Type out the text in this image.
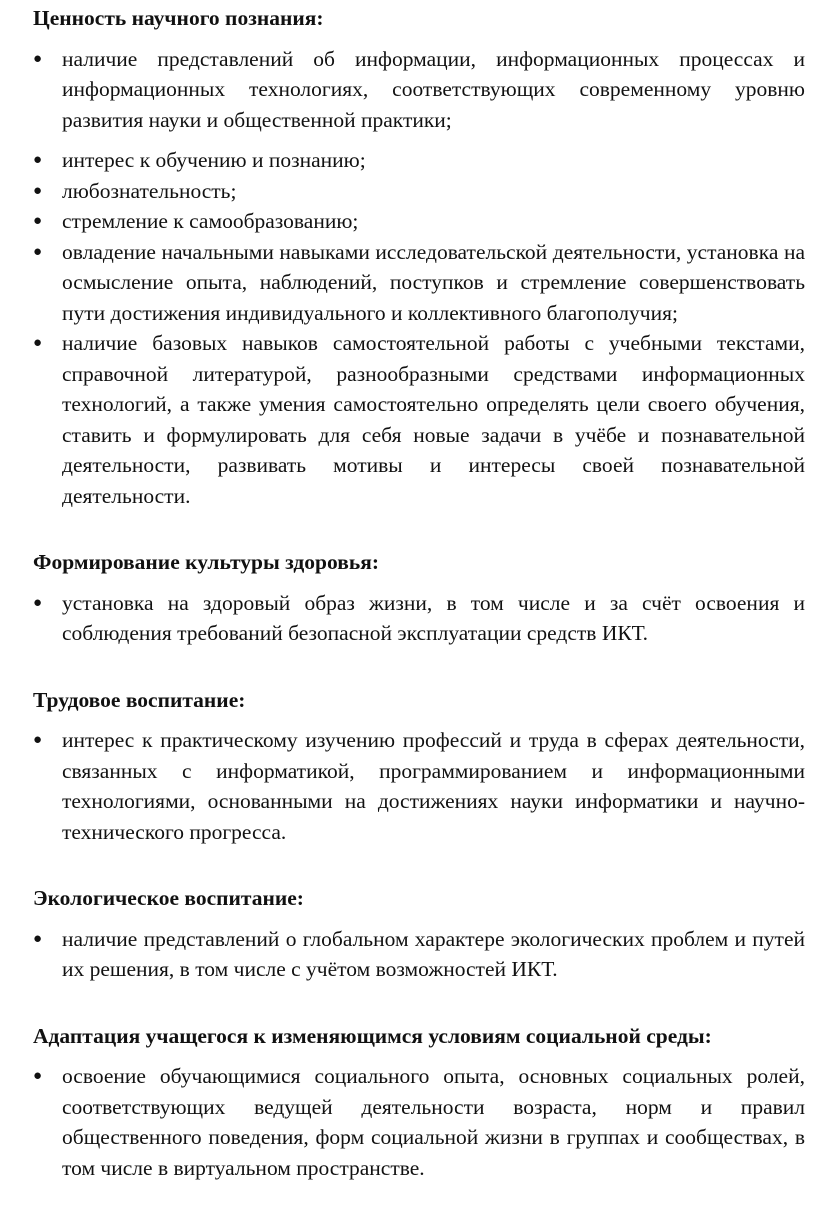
Ценность научного познания:
● наличие представлений об информации, информационных процессах и информационных технологиях, соответствующих современному уровню развития науки и общественной практики;
● интерес к обучению и познанию;
● любознательность;
● стремление к самообразованию;
● овладение начальными навыками исследовательской деятельности, установка на осмысление опыта, наблюдений, поступков и стремление совершенствовать пути достижения индивидуального и коллективного благополучия;
● наличие базовых навыков самостоятельной работы с учебными текстами, справочной литературой, разнообразными средствами информационных технологий, а также умения самостоятельно определять цели своего обучения, ставить и формулировать для себя новые задачи в учёбе и познавательной деятельности, развивать мотивы и интересы своей познавательной деятельности.
Формирование культуры здоровья:
● установка на здоровый образ жизни, в том числе и за счёт освоения и соблюдения требований безопасной эксплуатации средств ИКТ.
Трудовое воспитание:
● интерес к практическому изучению профессий и труда в сферах деятельности, связанных с информатикой, программированием и информационными технологиями, основанными на достижениях науки информатики и научно-технического прогресса.
Экологическое воспитание:
● наличие представлений о глобальном характере экологических проблем и путей их решения, в том числе с учётом возможностей ИКТ.
Адаптация учащегося к изменяющимся условиям социальной среды:
● освоение обучающимися социального опыта, основных социальных ролей, соответствующих ведущей деятельности возраста, норм и правил общественного поведения, форм социальной жизни в группах и сообществах, в том числе в виртуальном пространстве.
